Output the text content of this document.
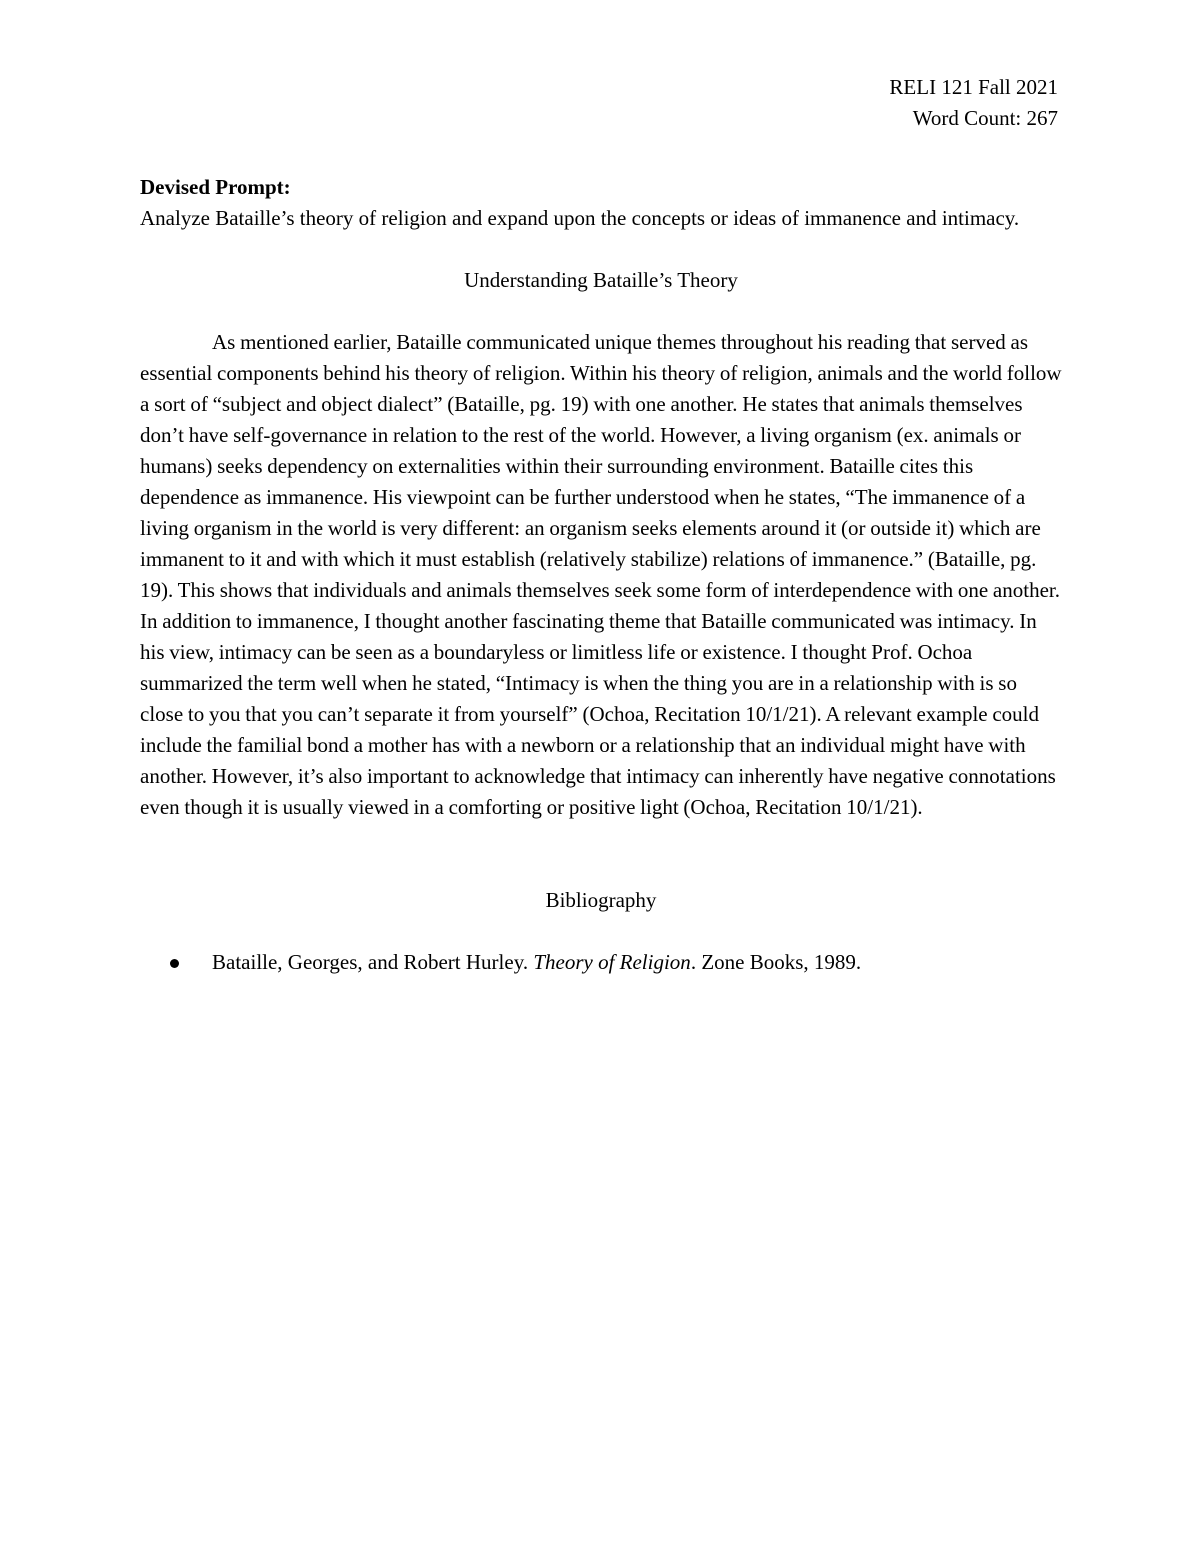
RELI 121 Fall 2021
Word Count: 267

Devised Prompt:

Analyze Bataille’s theory of religion and expand upon the concepts or ideas of immanence and intimacy.

Understanding Bataille’s Theory

As mentioned earlier, Bataille communicated unique themes throughout his reading that served as essential components behind his theory of religion. Within his theory of religion, animals and the world follow a sort of “subject and object dialect” (Bataille, pg. 19) with one another. He states that animals themselves don’t have self-governance in relation to the rest of the world. However, a living organism (ex. animals or humans) seeks dependency on externalities within their surrounding environment. Bataille cites this dependence as immanence. His viewpoint can be further understood when he states, “The immanence of a living organism in the world is very different: an organism seeks elements around it (or outside it) which are immanent to it and with which it must establish (relatively stabilize) relations of immanence.” (Bataille, pg. 19). This shows that individuals and animals themselves seek some form of interdependence with one another. In addition to immanence, I thought another fascinating theme that Bataille communicated was intimacy. In his view, intimacy can be seen as a boundaryless or limitless life or existence. I thought Prof. Ochoa summarized the term well when he stated, “Intimacy is when the thing you are in a relationship with is so close to you that you can’t separate it from yourself” (Ochoa, Recitation 10/1/21). A relevant example could include the familial bond a mother has with a newborn or a relationship that an individual might have with another. However, it’s also important to acknowledge that intimacy can inherently have negative connotations even though it is usually viewed in a comforting or positive light (Ochoa, Recitation 10/1/21).

Bibliography
Bataille, Georges, and Robert Hurley. Theory of Religion. Zone Books, 1989.
